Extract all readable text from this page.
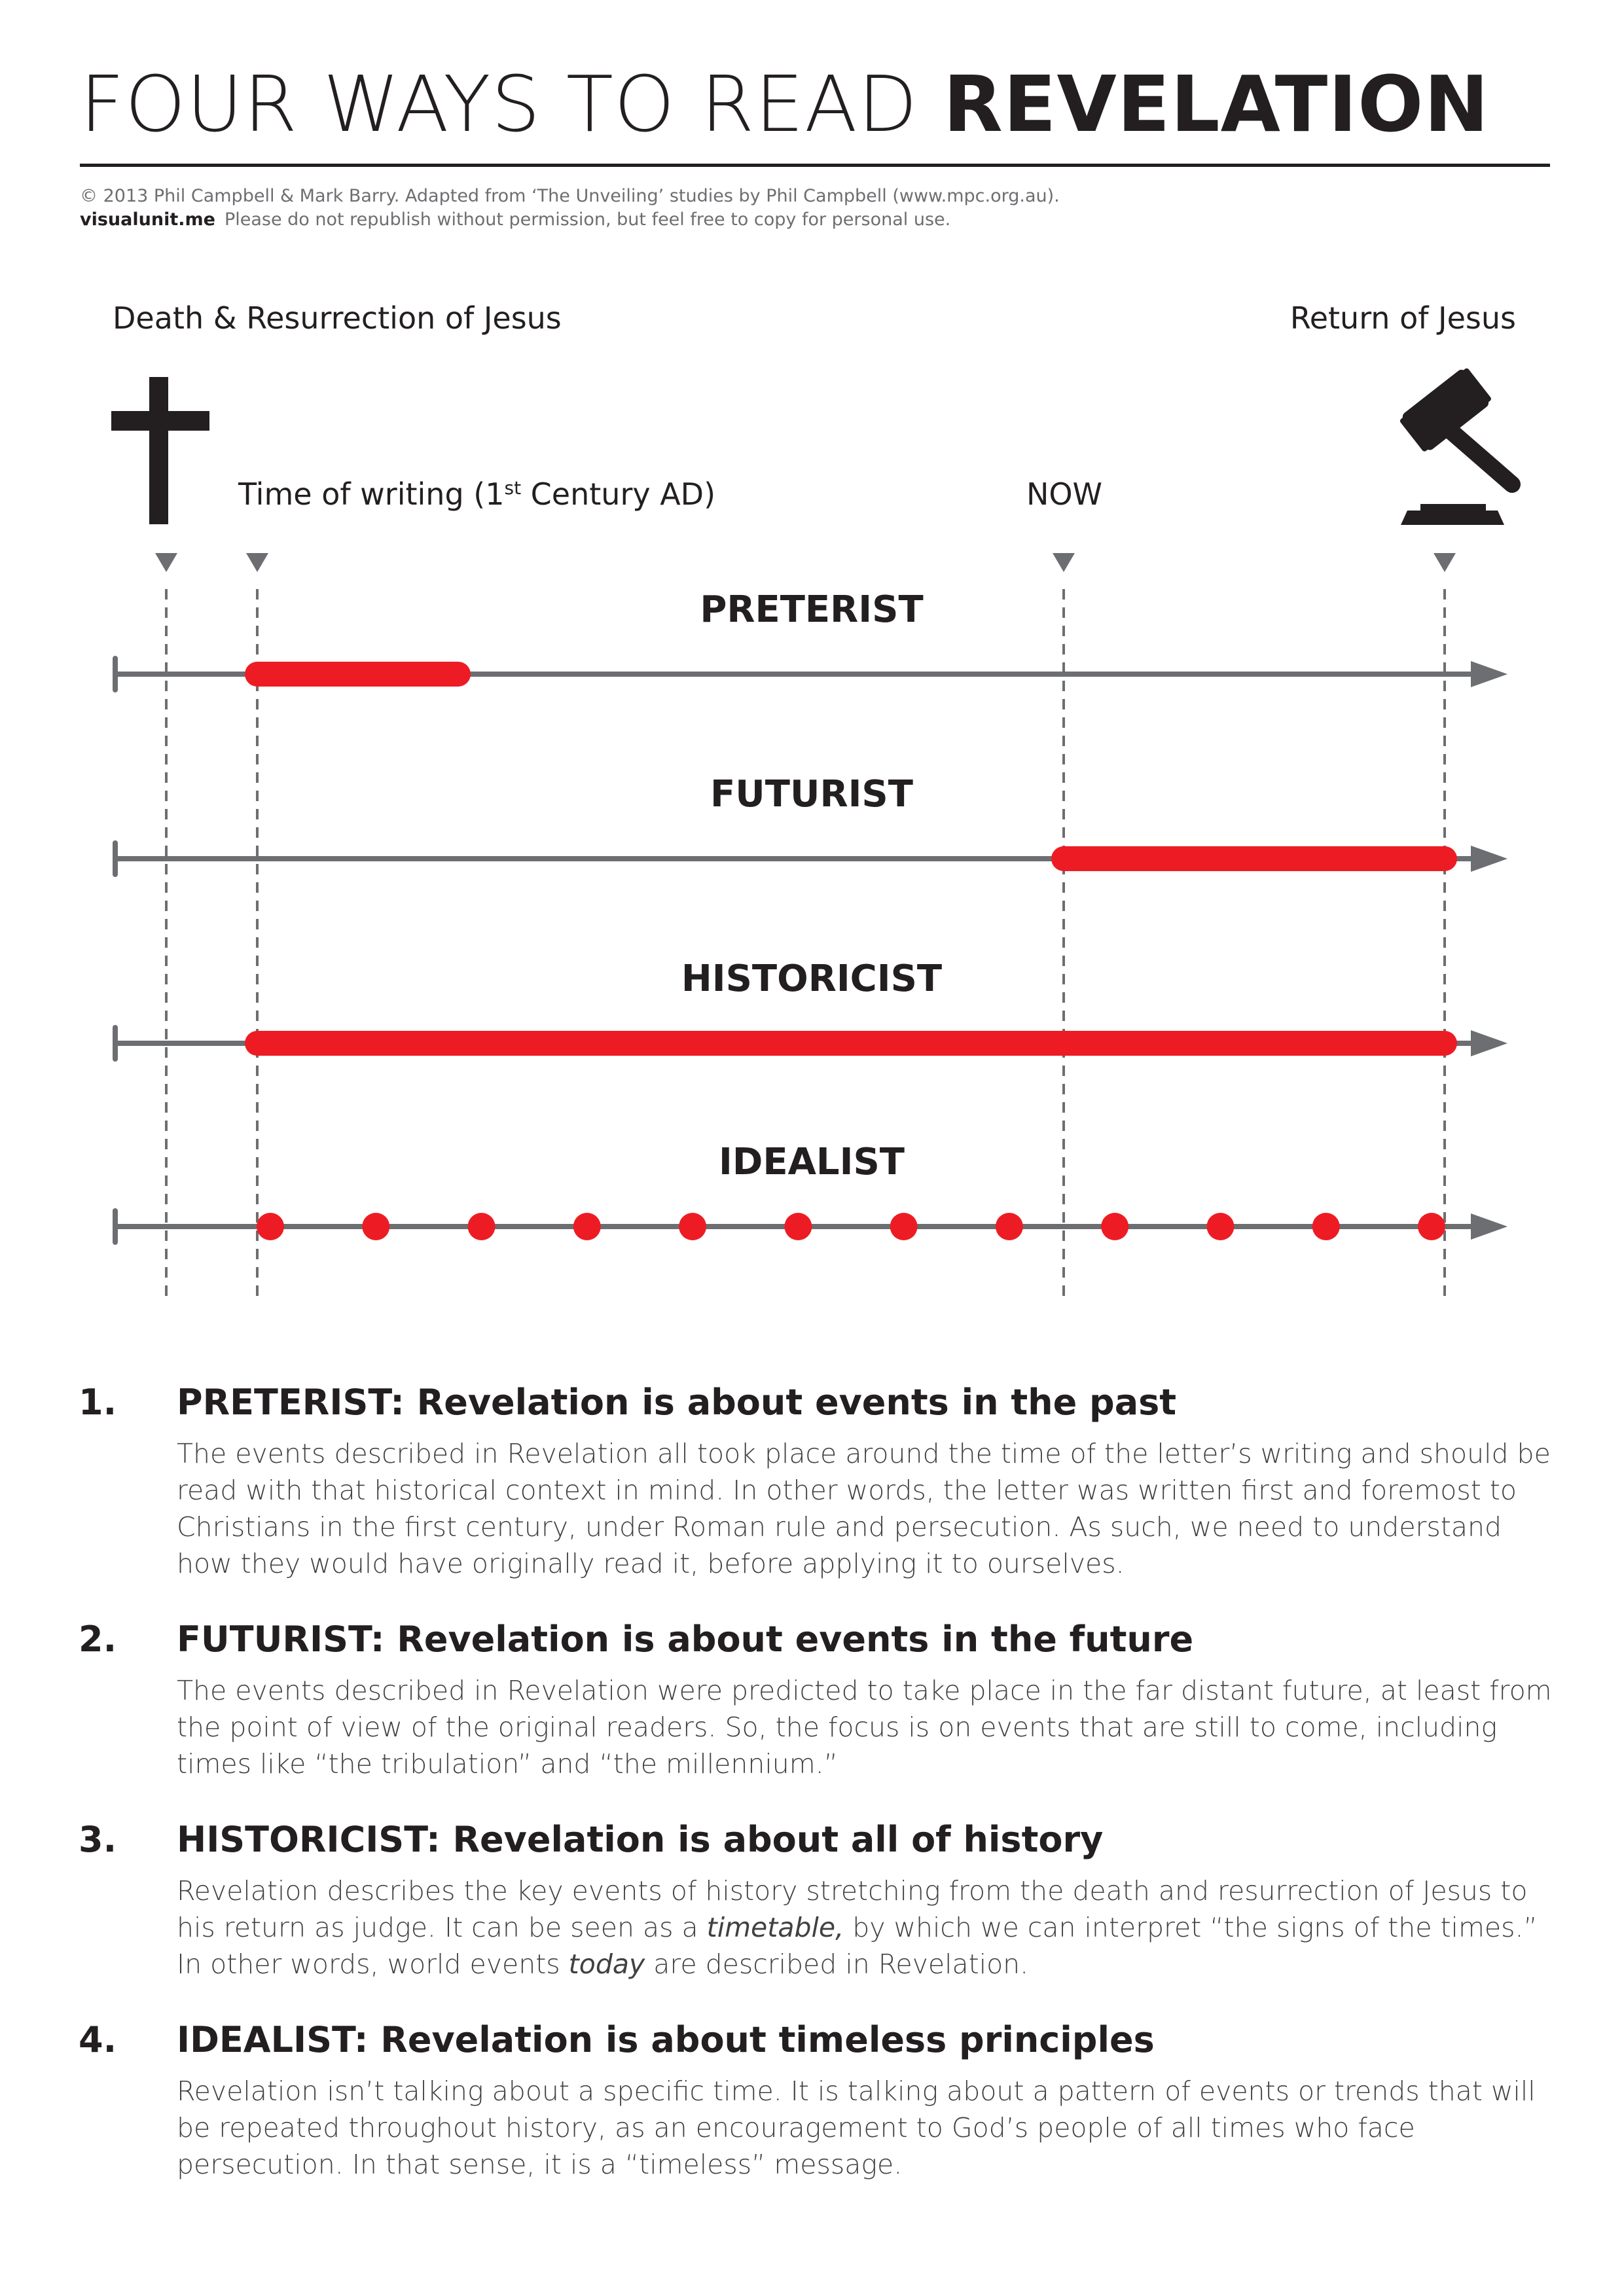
FOUR WAYS TO READ REVELATION
© 2013 Phil Campbell & Mark Barry. Adapted from ‘The Unveiling’ studies by Phil Campbell (www.mpc.org.au).
visualunit.me Please do not republish without permission, but feel free to copy for personal use.
Death & Resurrection of Jesus	Return of Jesus
Time of writing (1st Century AD)	NOW
PRETERIST
FUTURIST
HISTORICIST
IDEALIST
1. PRETERIST: Revelation is about events in the past

The events described in Revelation all took place around the time of the letter’s writing and should be read with that historical context in mind. In other words, the letter was written first and foremost to Christians in the first century, under Roman rule and persecution. As such, we need to understand how they would have originally read it, before applying it to ourselves.

2. FUTURIST: Revelation is about events in the future

The events described in Revelation were predicted to take place in the far distant future, at least from the point of view of the original readers. So, the focus is on events that are still to come, including times like “the tribulation” and “the millennium.”

3. HISTORICIST: Revelation is about all of history

Revelation describes the key events of history stretching from the death and resurrection of Jesus to his return as judge. It can be seen as a timetable, by which we can interpret “the signs of the times.” In other words, world events today are described in Revelation.

4. IDEALIST: Revelation is about timeless principles

Revelation isn’t talking about a specific time. It is talking about a pattern of events or trends that will be repeated throughout history, as an encouragement to God’s people of all times who face persecution. In that sense, it is a “timeless” message.
